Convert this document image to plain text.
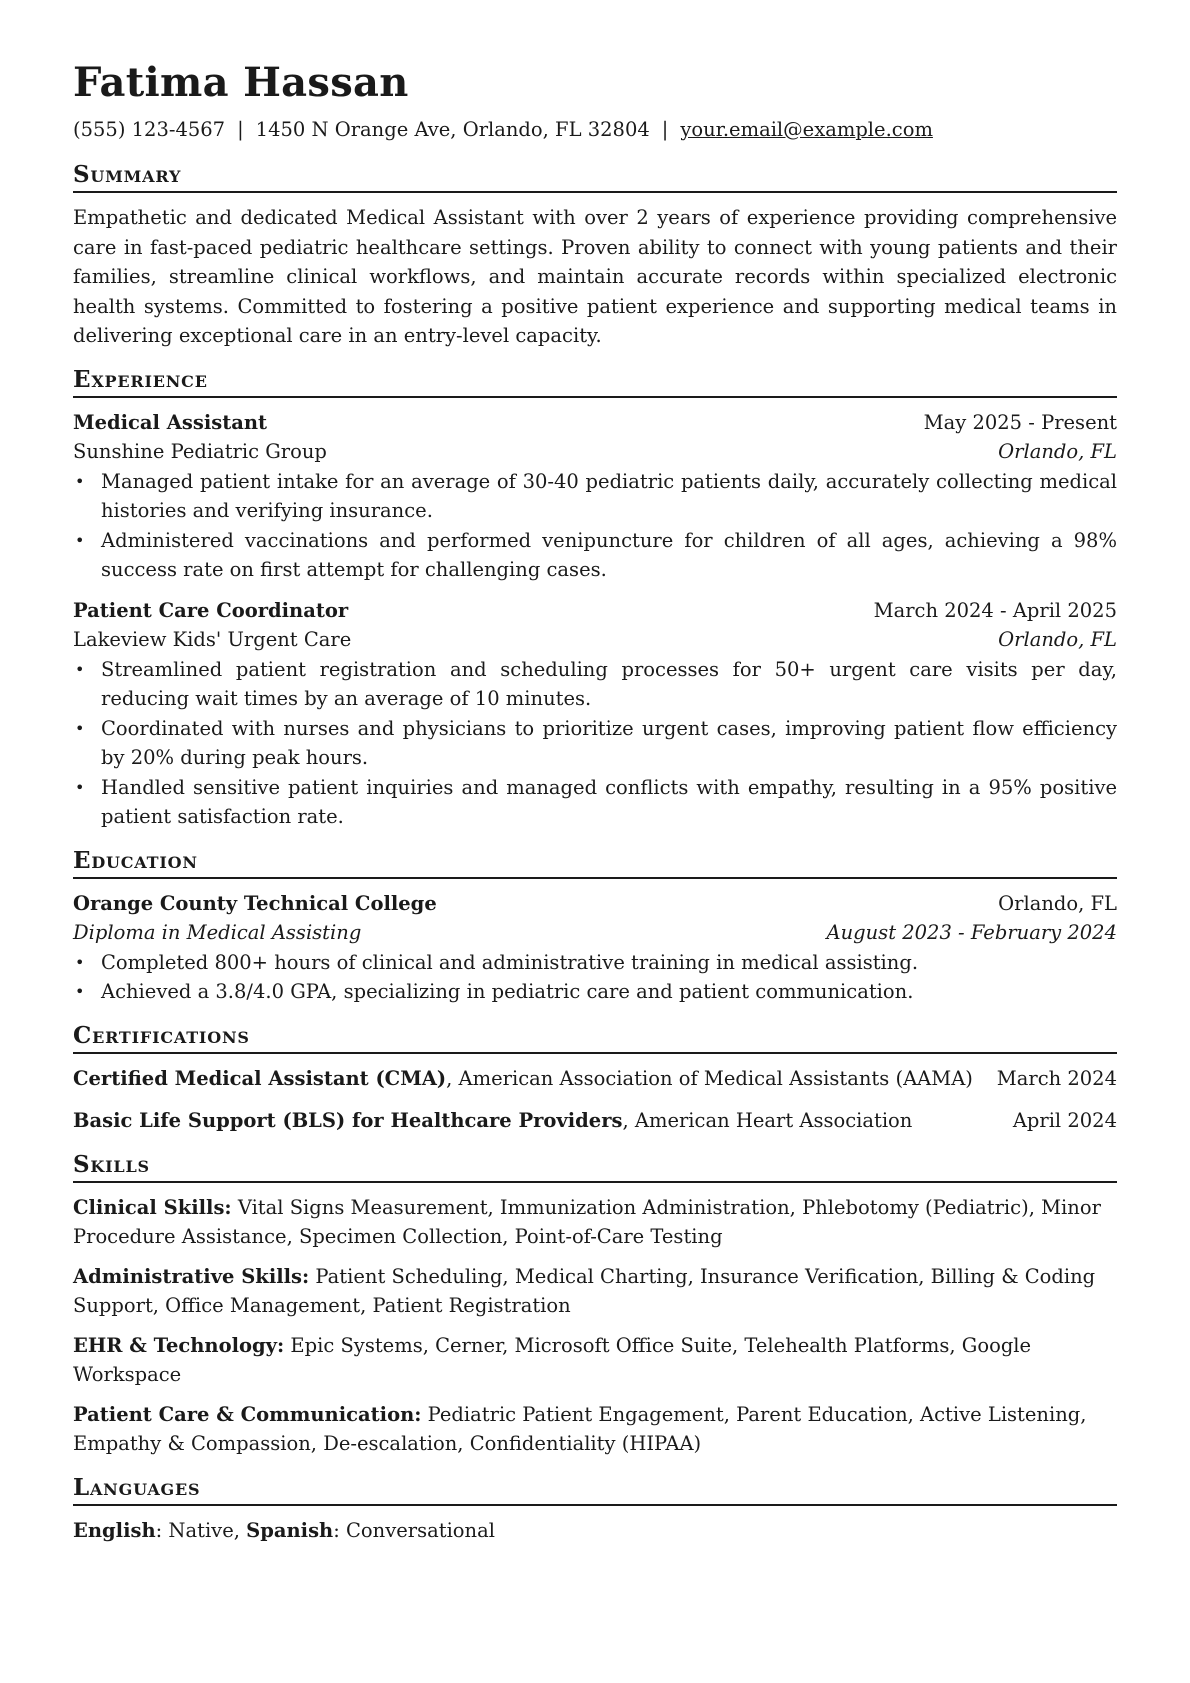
Fatima Hassan
(555) 123-4567 | 1450 N Orange Ave, Orlando, FL 32804 | your.email@example.com
Summary

Empathetic and dedicated Medical Assistant with over 2 years of experience providing comprehensive care in fast-paced pediatric healthcare settings. Proven ability to connect with young patients and their families, streamline clinical workflows, and maintain accurate records within specialized electronic health systems. Committed to fostering a positive patient experience and supporting medical teams in delivering exceptional care in an entry-level capacity.

Experience
Medical Assistant	May 2025 - Present
Sunshine Pediatric Group	Orlando, FL
• Managed patient intake for an average of 30-40 pediatric patients daily, accurately collecting medical histories and verifying insurance.
• Administered vaccinations and performed venipuncture for children of all ages, achieving a 98% success rate on first attempt for challenging cases.
Patient Care Coordinator	March 2024 - April 2025
Lakeview Kids' Urgent Care	Orlando, FL
• Streamlined patient registration and scheduling processes for 50+ urgent care visits per day, reducing wait times by an average of 10 minutes.
• Coordinated with nurses and physicians to prioritize urgent cases, improving patient flow efficiency by 20% during peak hours.
• Handled sensitive patient inquiries and managed conflicts with empathy, resulting in a 95% positive patient satisfaction rate.
Education
Orange County Technical College	Orlando, FL
Diploma in Medical Assisting	August 2023 - February 2024
• Completed 800+ hours of clinical and administrative training in medical assisting.
• Achieved a 3.8/4.0 GPA, specializing in pediatric care and patient communication.
Certifications
Certified Medical Assistant (CMA), American Association of Medical Assistants (AAMA) March 2024
Basic Life Support (BLS) for Healthcare Providers, American Heart Association	April 2024
Skills
Clinical Skills: Vital Signs Measurement, Immunization Administration, Phlebotomy (Pediatric), Minor Procedure Assistance, Specimen Collection, Point-of-Care Testing
Administrative Skills: Patient Scheduling, Medical Charting, Insurance Verification, Billing & Coding Support, Office Management, Patient Registration
EHR & Technology: Epic Systems, Cerner, Microsoft Office Suite, Telehealth Platforms, Google Workspace
Patient Care & Communication: Pediatric Patient Engagement, Parent Education, Active Listening, Empathy & Compassion, De-escalation, Confidentiality (HIPAA)
Languages
English: Native, Spanish: Conversational
